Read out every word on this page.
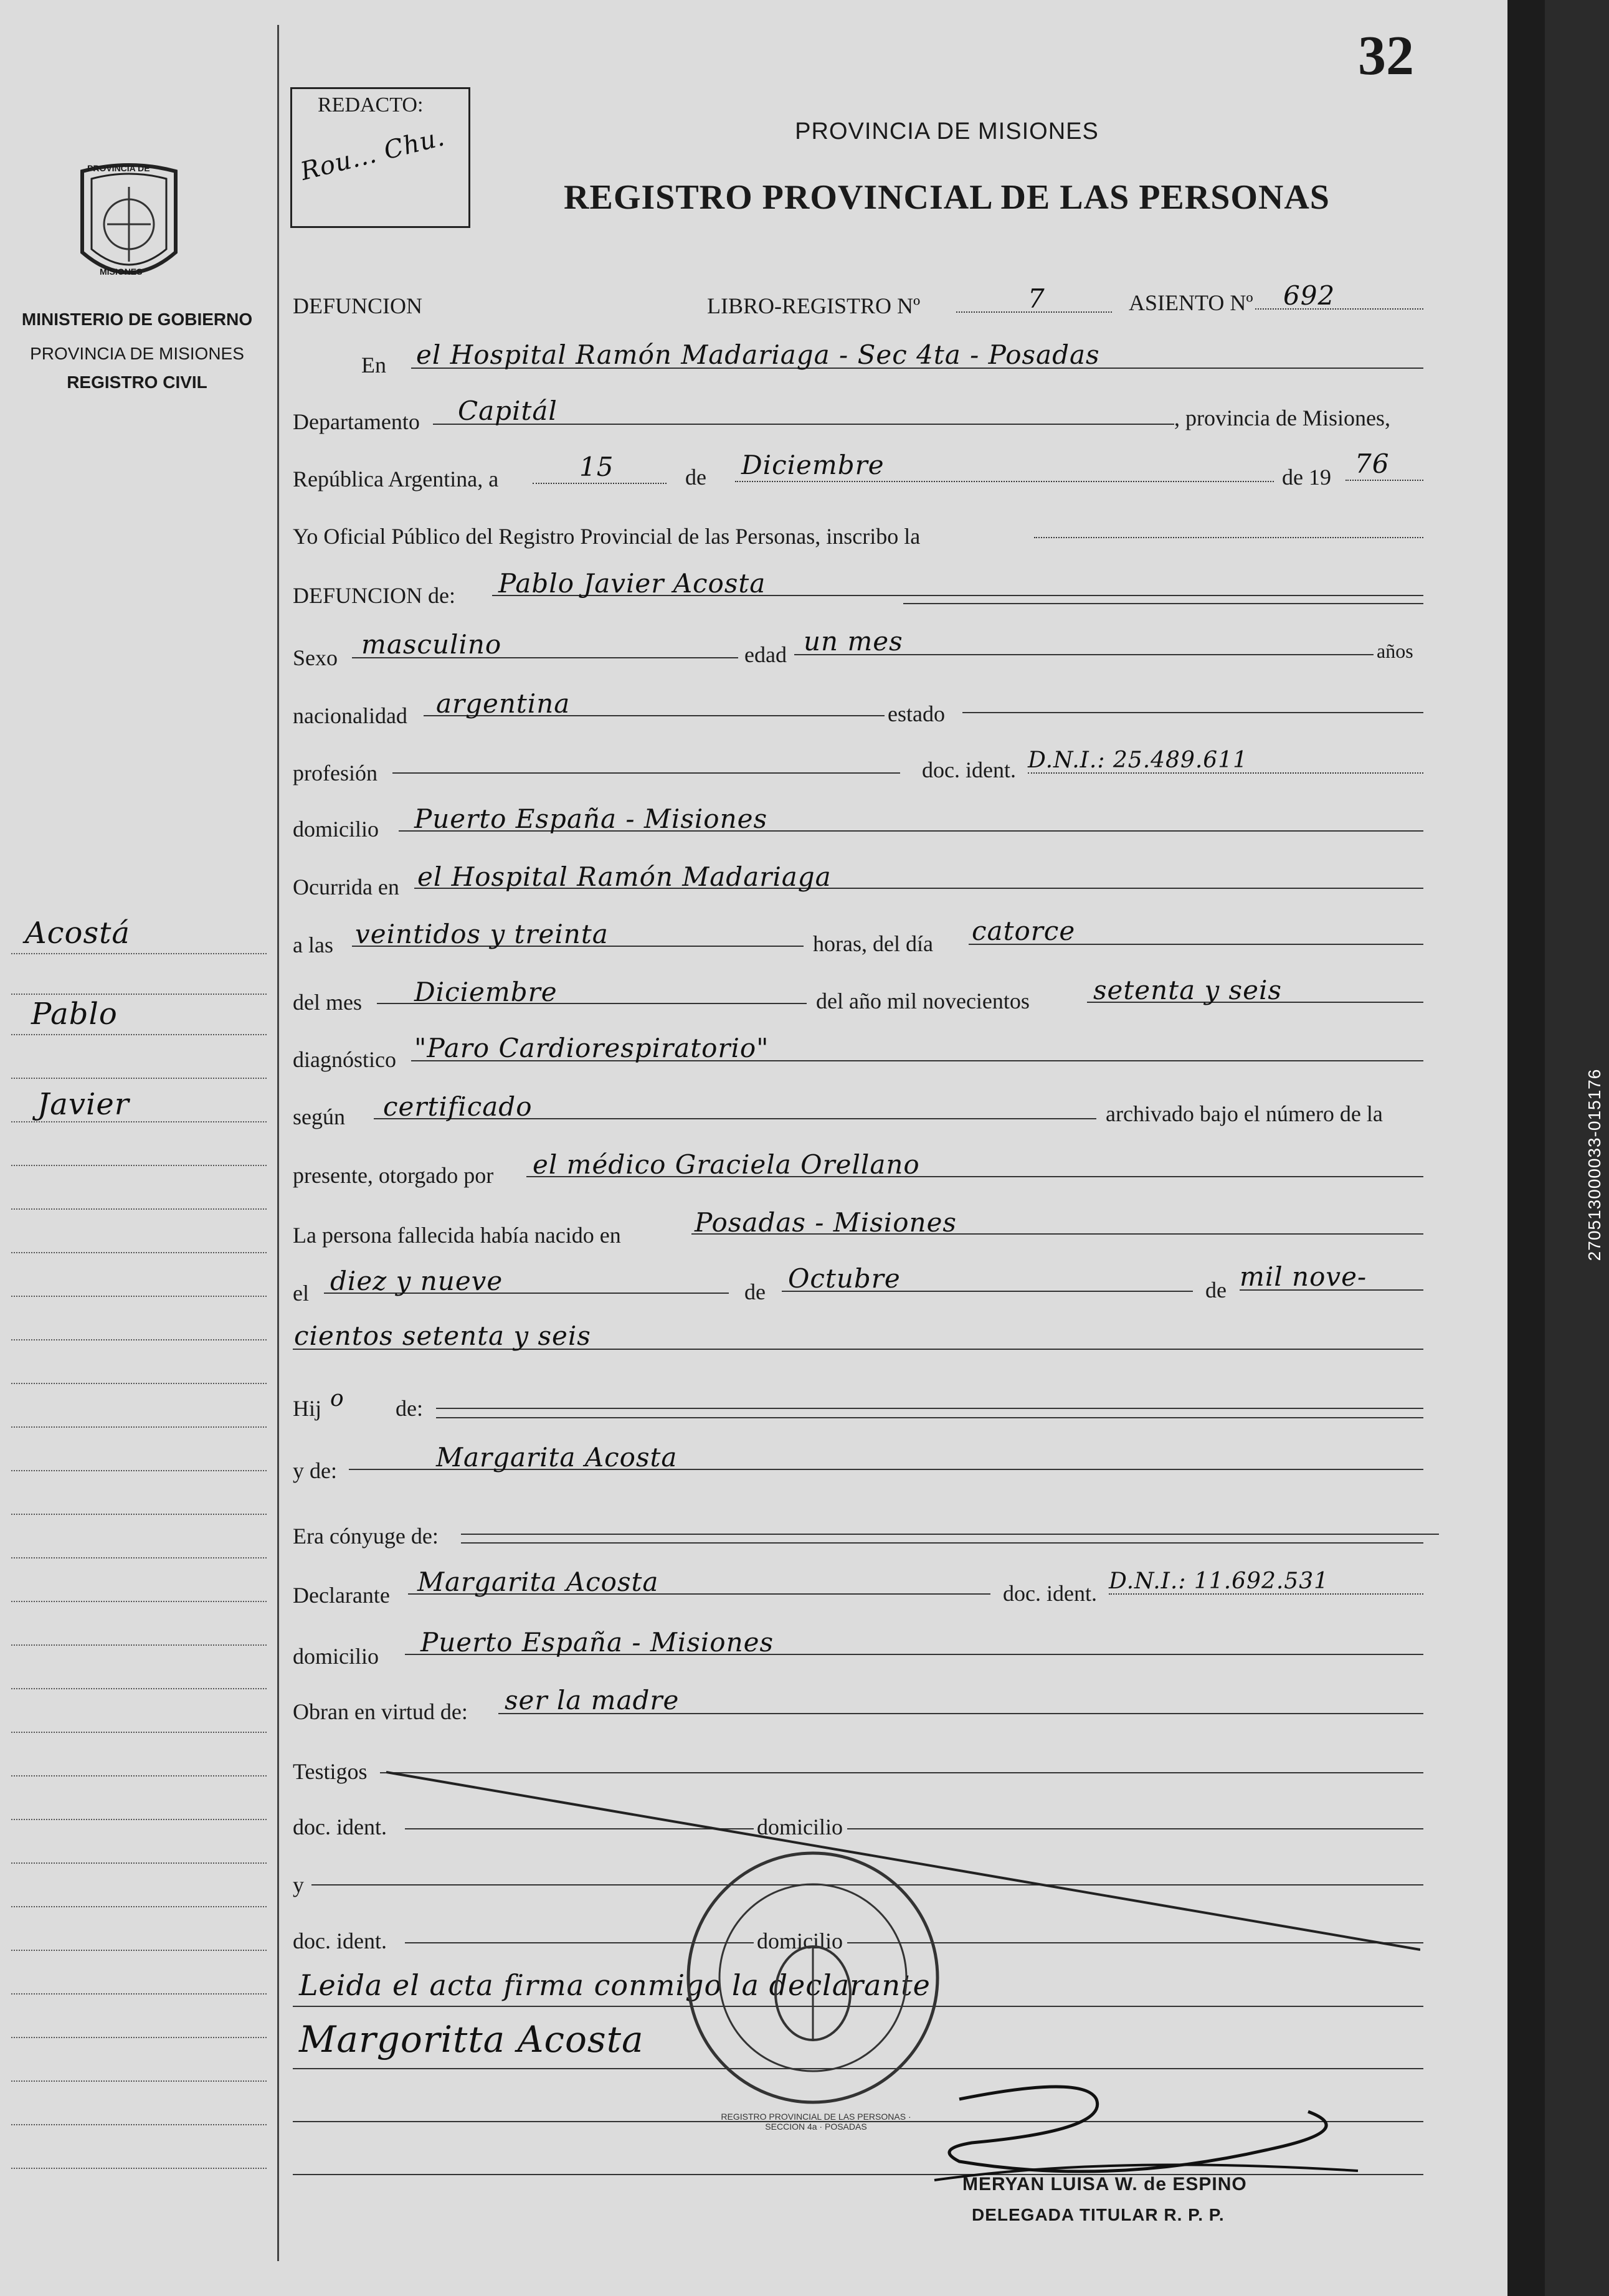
270513000033-015176
32
PROVINCIA DE
MISIONES
MINISTERIO DE GOBIERNO
PROVINCIA DE MISIONES
REGISTRO CIVIL
REDACTO:
Rou... Chu.	PROVINCIA DE MISIONES
REGISTRO PROVINCIAL DE LAS PERSONAS
Acostá
Pablo
Javier
DEFUNCION	LIBRO-REGISTRO Nº	7	ASIENTO Nº 692
En el Hospital Ramón Madariaga - Sec 4ta - Posadas
Departamento Capitál	, provincia de Misiones,
República Argentina, a	15	de Diciembre	de 19 76
Yo Oficial Público del Registro Provincial de las Personas, inscribo la
DEFUNCION de: Pablo Javier Acosta
Sexo masculino	edad un mes	años
nacionalidad argentina	estado
profesión	doc. ident. D.N.I.: 25.489.611
domicilio Puerto España - Misiones
Ocurrida en el Hospital Ramón Madariaga
a las veintidos y treinta	horas, del día catorce
del mes Diciembre	del año mil novecientos setenta y seis
diagnóstico "Paro Cardiorespiratorio"
según certificado	archivado bajo el número de la
presente, otorgado por el médico Graciela Orellano
La persona fallecida había nacido en	Posadas - Misiones
el diez y nueve	de Octubre	de mil nove-
cientos setenta y seis
Hij o de:
y de:	Margarita Acosta
Era cónyuge de:
Declarante Margarita Acosta	doc. ident. D.N.I.: 11.692.531
domicilio Puerto España - Misiones
Obran en virtud de: ser la madre
Testigos
doc. ident.	domicilio
y
doc. ident.	domicilio
Leida el acta firma conmigo la declarante
Margoritta Acosta
REGISTRO PROVINCIAL DE LAS PERSONAS · SECCION 4a · POSADAS
MERYAN LUISA W. de ESPINO
DELEGADA TITULAR R. P. P.
